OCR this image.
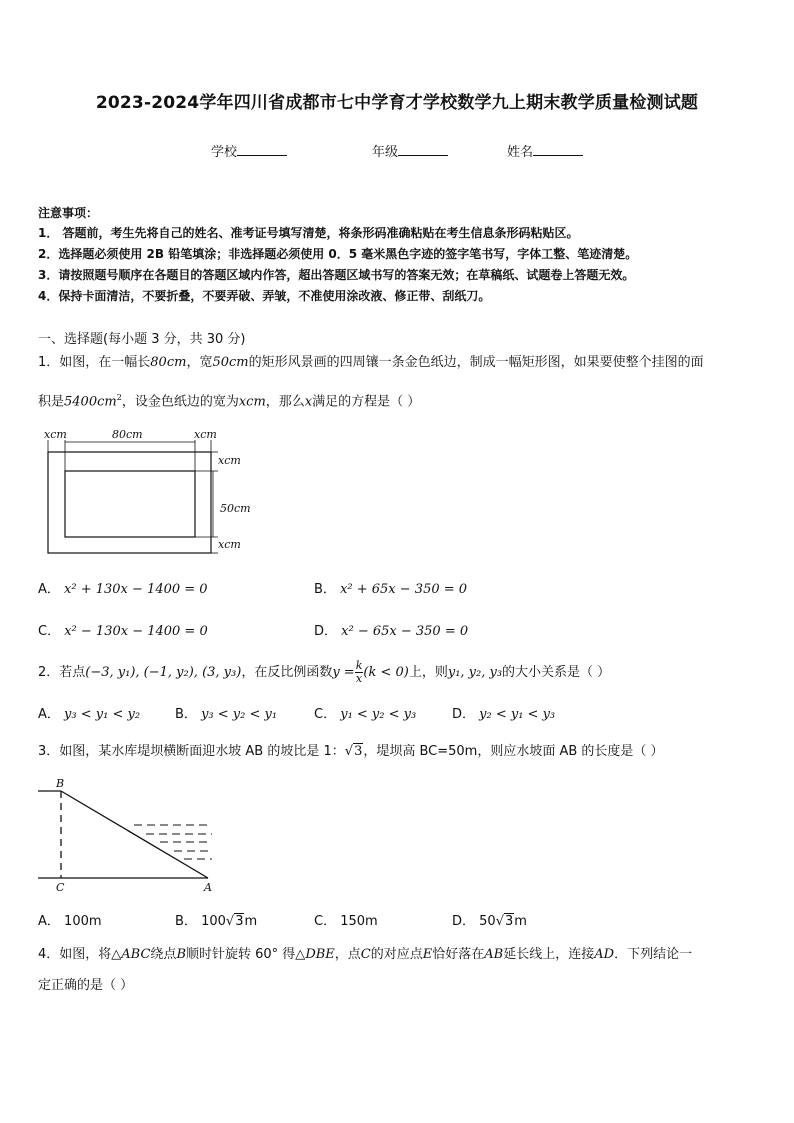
2023-2024学年四川省成都市七中学育才学校数学九上期末教学质量检测试题
学校	年级	姓名
注意事项：
1． 答题前，考生先将自己的姓名、准考证号填写清楚，将条形码准确粘贴在考生信息条形码粘贴区。
2．选择题必须使用 2B 铅笔填涂；非选择题必须使用 0．5 毫米黑色字迹的签字笔书写，字体工整、笔迹清楚。
3．请按照题号顺序在各题目的答题区域内作答，超出答题区域书写的答案无效；在草稿纸、试题卷上答题无效。
4．保持卡面清洁，不要折叠，不要弄破、弄皱，不准使用涂改液、修正带、刮纸刀。
一、选择题(每小题 3 分，共 30 分)
1．如图，在一幅长80cm，宽50cm的矩形风景画的四周镶一条金色纸边，制成一幅矩形图，如果要使整个挂图的面
积是$5400cm^2$，设金色纸边的宽为xcm，那么x满足的方程是（ ）
xcm	80cm	xcm
xcm
50cm
xcm
A． x² + 130x − 1400 = 0	B． x² + 65x − 350 = 0
C． x² − 130x − 1400 = 0	D． x² − 65x − 350 = 0
2．若点(−3, y₁), (−1, y₂), (3, y₃)，在反比例函数$y = \frac{k}{x} (k < 0)$上，则y₁, y₂, y₃的大小关系是（ ）
A． y₃ < y₁ < y₂	B． y₃ < y₂ < y₁	C． y₁ < y₂ < y₃	D． y₂ < y₁ < y₃
3．如图，某水库堤坝横断面迎水坡 AB 的坡比是 1：√3，堤坝高 BC=50m，则应水坡面 AB 的长度是（ ）
B
C	A
A． 100m	B． 100√3m	C． 150m	D． 50√3m
4．如图，将△ABC绕点B顺时针旋转 60° 得△DBE，点C的对应点E恰好落在AB延长线上，连接AD．下列结论一
定正确的是（ ）
